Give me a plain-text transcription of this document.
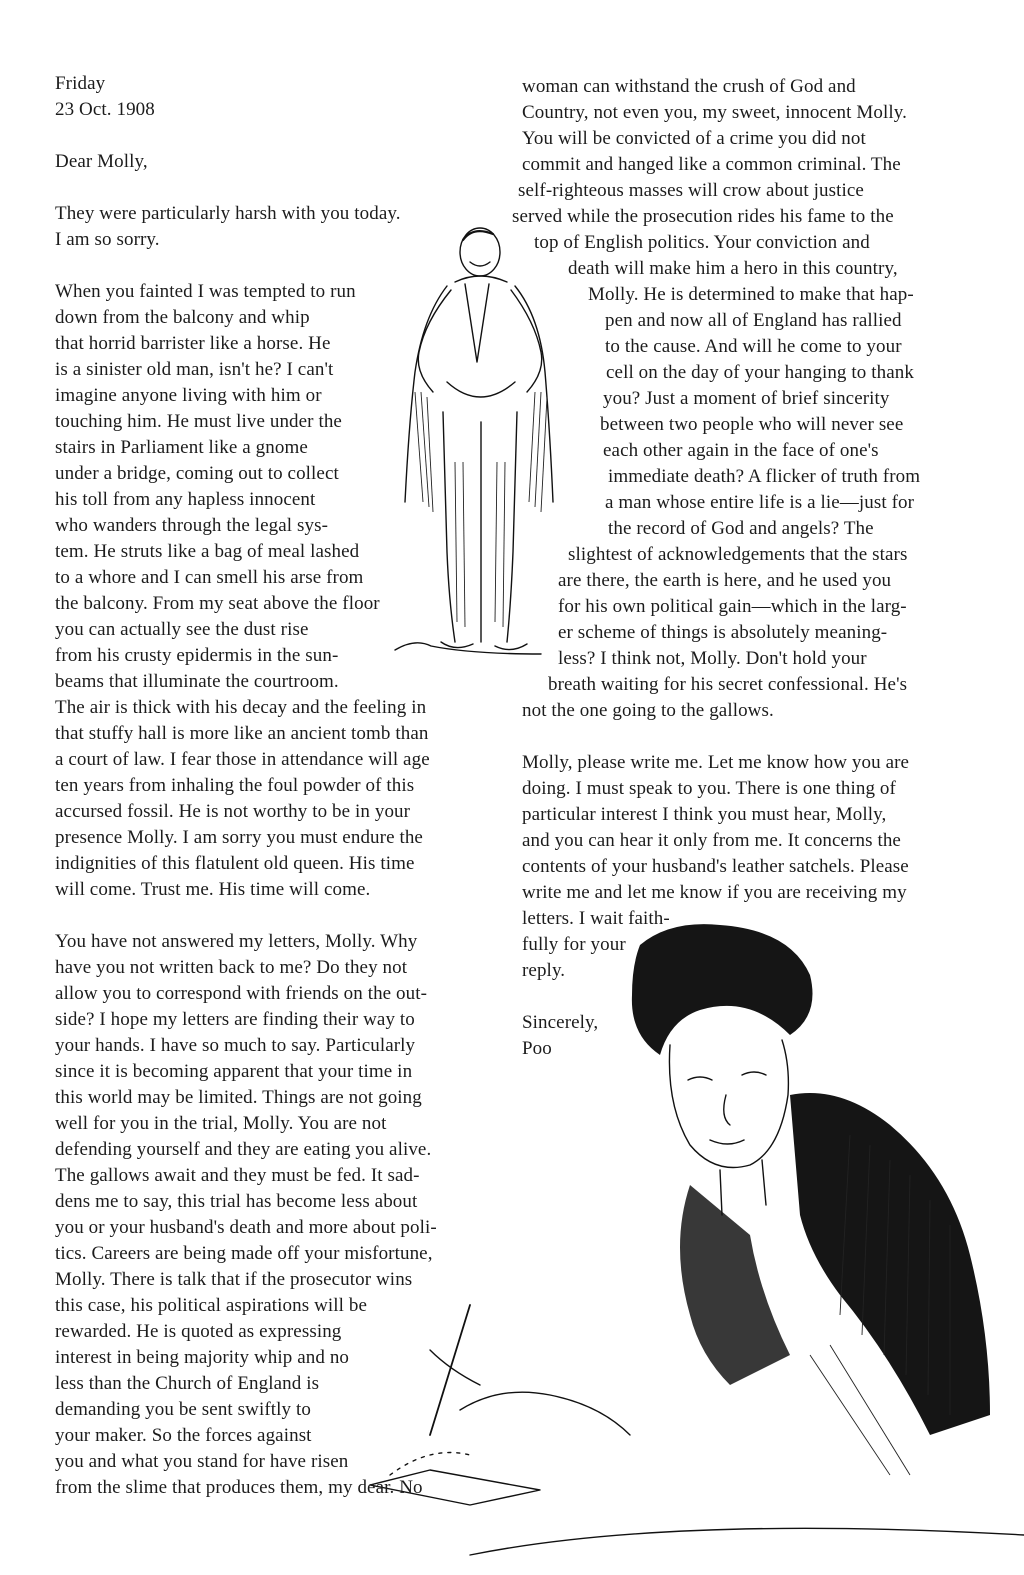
Friday
23 Oct. 1908
Dear Molly,
They were particularly harsh with you today.
I am so sorry.
When you fainted I was tempted to run
down from the balcony and whip
that horrid barrister like a horse. He
is a sinister old man, isn't he? I can't
imagine anyone living with him or
touching him. He must live under the
stairs in Parliament like a gnome
under a bridge, coming out to collect
his toll from any hapless innocent
who wanders through the legal sys-
tem. He struts like a bag of meal lashed
to a whore and I can smell his arse from
the balcony. From my seat above the floor
you can actually see the dust rise
from his crusty epidermis in the sun-
beams that illuminate the courtroom.
The air is thick with his decay and the feeling in
that stuffy hall is more like an ancient tomb than
a court of law. I fear those in attendance will age
ten years from inhaling the foul powder of this
accursed fossil. He is not worthy to be in your
presence Molly. I am sorry you must endure the
indignities of this flatulent old queen. His time
will come. Trust me. His time will come.
You have not answered my letters, Molly. Why
have you not written back to me? Do they not
allow you to correspond with friends on the out-
side? I hope my letters are finding their way to
your hands. I have so much to say. Particularly
since it is becoming apparent that your time in
this world may be limited. Things are not going
well for you in the trial, Molly. You are not
defending yourself and they are eating you alive.
The gallows await and they must be fed. It sad-
dens me to say, this trial has become less about
you or your husband's death and more about poli-
tics. Careers are being made off your misfortune,
Molly. There is talk that if the prosecutor wins
this case, his political aspirations will be
rewarded. He is quoted as expressing
interest in being majority whip and no
less than the Church of England is
demanding you be sent swiftly to
your maker. So the forces against
you and what you stand for have risen
from the slime that produces them, my dear. No
woman can withstand the crush of God and
Country, not even you, my sweet, innocent Molly.
You will be convicted of a crime you did not
commit and hanged like a common criminal. The
self-righteous masses will crow about justice
served while the prosecution rides his fame to the
top of English politics. Your conviction and
death will make him a hero in this country,
Molly. He is determined to make that hap-
pen and now all of England has rallied
to the cause. And will he come to your
cell on the day of your hanging to thank
you? Just a moment of brief sincerity
between two people who will never see
each other again in the face of one's
immediate death? A flicker of truth from
a man whose entire life is a lie—just for
the record of God and angels? The
slightest of acknowledgements that the stars
are there, the earth is here, and he used you
for his own political gain—which in the larg-
er scheme of things is absolutely meaning-
less? I think not, Molly. Don't hold your
breath waiting for his secret confessional. He's
not the one going to the gallows.
Molly, please write me. Let me know how you are
doing. I must speak to you. There is one thing of
particular interest I think you must hear, Molly,
and you can hear it only from me. It concerns the
contents of your husband's leather satchels. Please
write me and let me know if you are receiving my
letters. I wait faith-
fully for your
reply.
Sincerely,
Poo
